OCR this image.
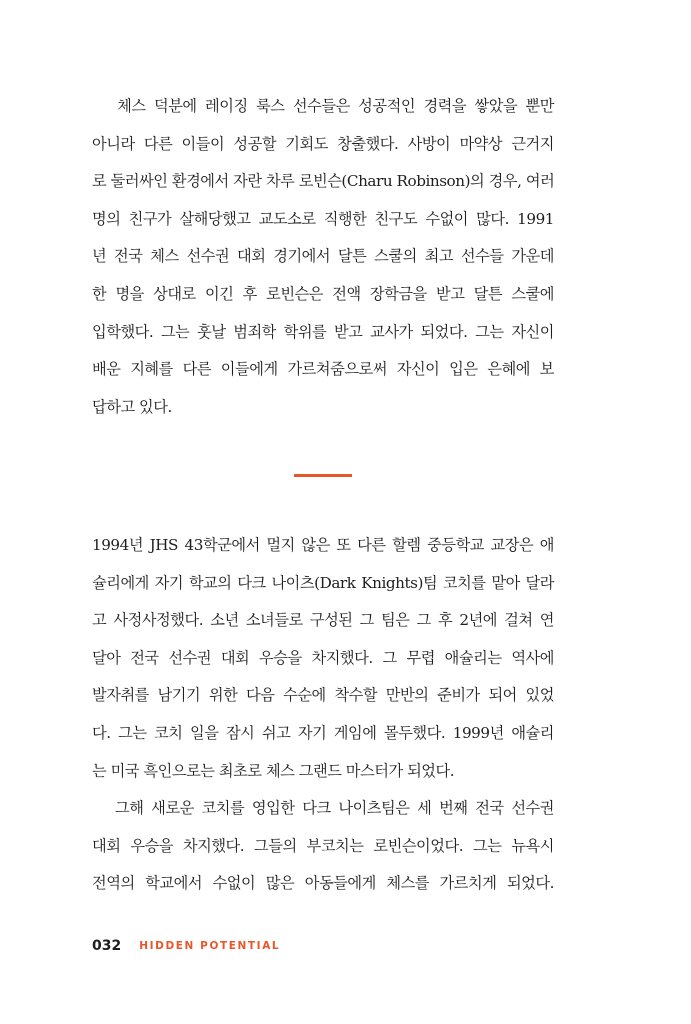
체스 덕분에 레이징 룩스 선수들은 성공적인 경력을 쌓았을 뿐만
아니라 다른 이들이 성공할 기회도 창출했다. 사방이 마약상 근거지
로 둘러싸인 환경에서 자란 차루 로빈슨(Charu Robinson)의 경우, 여러
명의 친구가 살해당했고 교도소로 직행한 친구도 수없이 많다. 1991
년 전국 체스 선수권 대회 경기에서 달튼 스쿨의 최고 선수들 가운데
한 명을 상대로 이긴 후 로빈슨은 전액 장학금을 받고 달튼 스쿨에
입학했다. 그는 훗날 범죄학 학위를 받고 교사가 되었다. 그는 자신이
배운 지혜를 다른 이들에게 가르쳐줌으로써 자신이 입은 은혜에 보
답하고 있다.
1994년 JHS 43학군에서 멀지 않은 또 다른 할렘 중등학교 교장은 애
슐리에게 자기 학교의 다크 나이츠(Dark Knights)팀 코치를 맡아 달라
고 사정사정했다. 소년 소녀들로 구성된 그 팀은 그 후 2년에 걸쳐 연
달아 전국 선수권 대회 우승을 차지했다. 그 무렵 애슐리는 역사에
발자취를 남기기 위한 다음 수순에 착수할 만반의 준비가 되어 있었
다. 그는 코치 일을 잠시 쉬고 자기 게임에 몰두했다. 1999년 애슐리
는 미국 흑인으로는 최초로 체스 그랜드 마스터가 되었다.
그해 새로운 코치를 영입한 다크 나이츠팀은 세 번째 전국 선수권
대회 우승을 차지했다. 그들의 부코치는 로빈슨이었다. 그는 뉴욕시
전역의 학교에서 수없이 많은 아동들에게 체스를 가르치게 되었다.
032 HIDDEN POTENTIAL
